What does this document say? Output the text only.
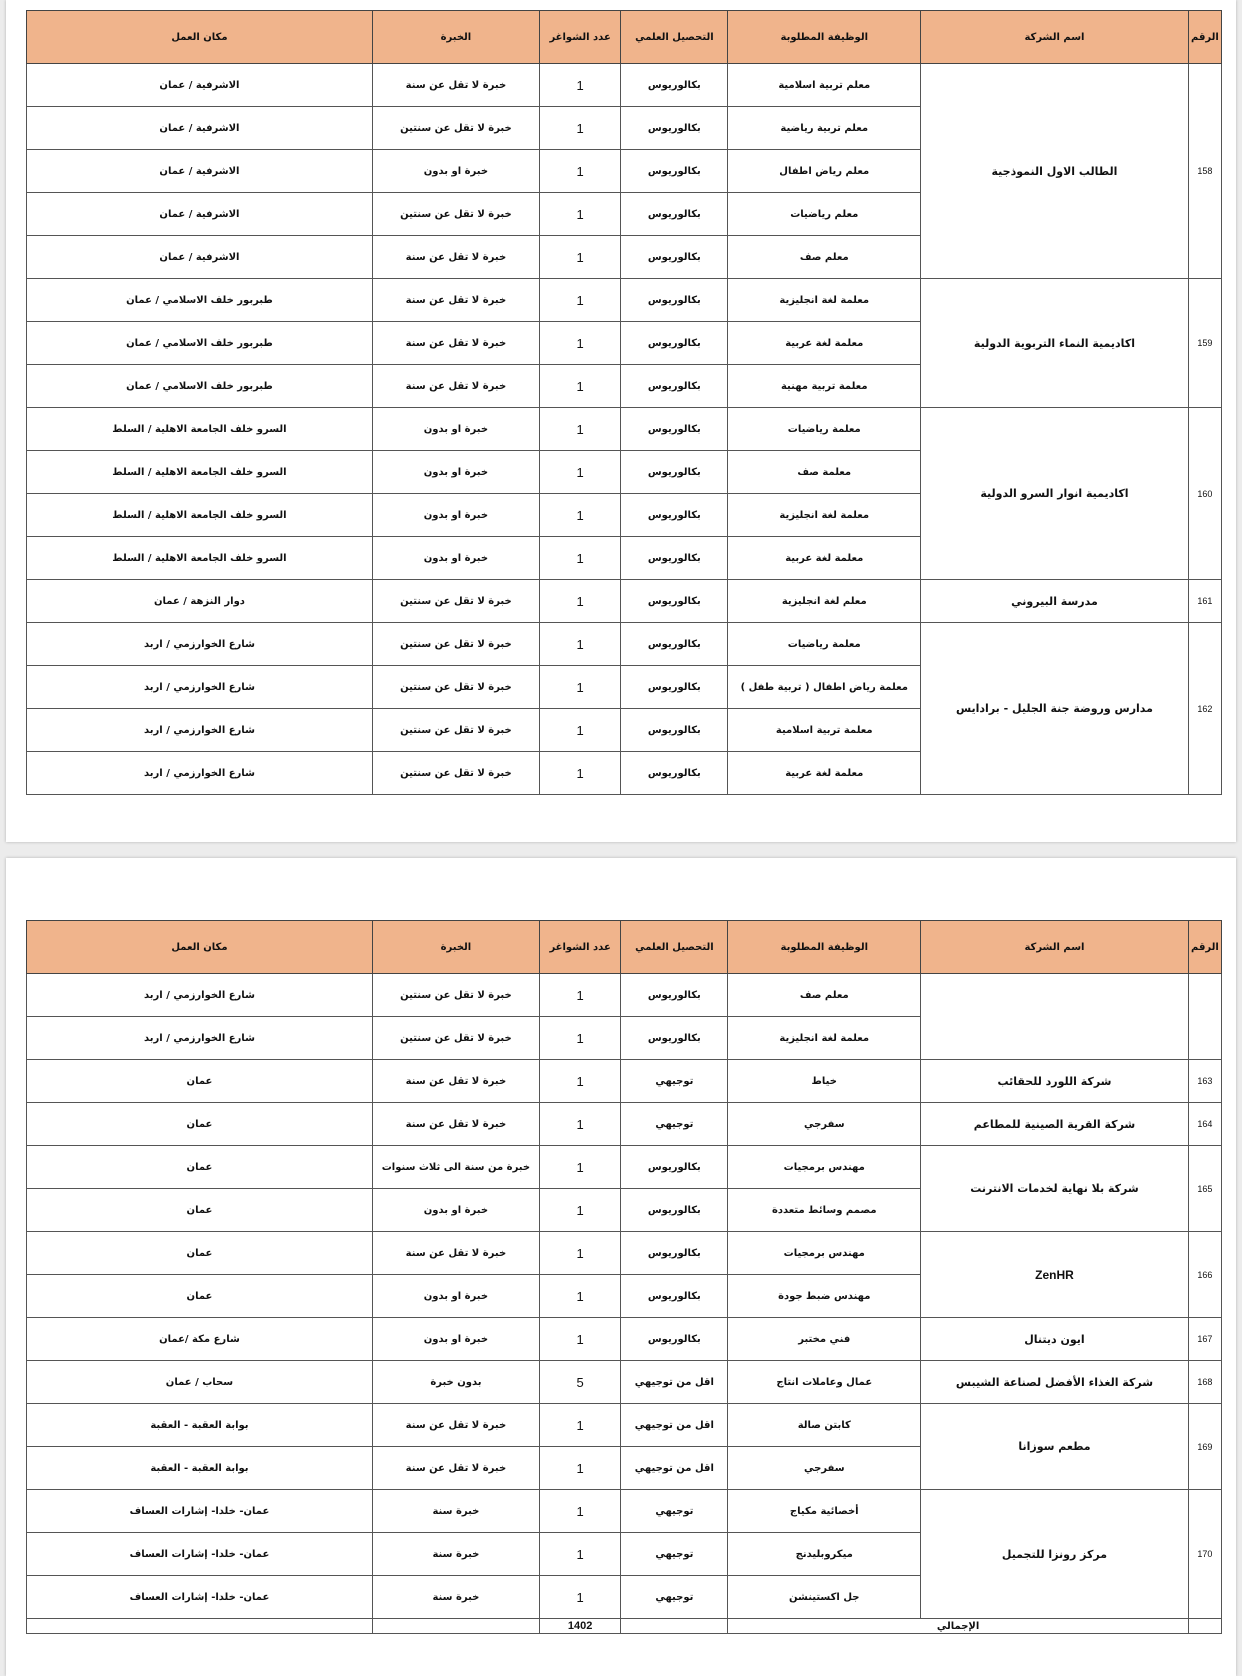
الرقم	اسم الشركة	الوظيفة المطلوبة	التحصيل العلمي	عدد الشواغر	الخبرة	مكان العمل
158	الطالب الاول النموذجية	معلم تربية اسلامية	بكالوريوس	1	خبرة لا تقل عن سنة	الاشرفية / عمان
		معلم تربية رياضية	بكالوريوس	1	خبرة لا تقل عن سنتين	الاشرفية / عمان
		معلم رياض اطفال	بكالوريوس	1	خبرة او بدون	الاشرفية / عمان
		معلم رياضيات	بكالوريوس	1	خبرة لا تقل عن سنتين	الاشرفية / عمان
		معلم صف	بكالوريوس	1	خبرة لا تقل عن سنة	الاشرفية / عمان
159	اكاديمية النماء التربوية الدولية	معلمة لغة انجليزية	بكالوريوس	1	خبرة لا تقل عن سنة	طبربور خلف الاسلامي / عمان
		معلمة لغة عربية	بكالوريوس	1	خبرة لا تقل عن سنة	طبربور خلف الاسلامي / عمان
		معلمة تربية مهنية	بكالوريوس	1	خبرة لا تقل عن سنة	طبربور خلف الاسلامي / عمان
160	اكاديمية انوار السرو الدولية	معلمة رياضيات	بكالوريوس	1	خبرة او بدون	السرو خلف الجامعة الاهلية / السلط
		معلمة صف	بكالوريوس	1	خبرة او بدون	السرو خلف الجامعة الاهلية / السلط
		معلمة لغة انجليزية	بكالوريوس	1	خبرة او بدون	السرو خلف الجامعة الاهلية / السلط
		معلمة لغة عربية	بكالوريوس	1	خبرة او بدون	السرو خلف الجامعة الاهلية / السلط
161	مدرسة البيروني	معلم لغة انجليزية	بكالوريوس	1	خبرة لا تقل عن سنتين	دوار النزهة / عمان
162	مدارس وروضة جنة الجليل - برادايس	معلمة رياضيات	بكالوريوس	1	خبرة لا تقل عن سنتين	شارع الخوارزمي / اربد
		معلمة رياض اطفال ( تربية طفل )	بكالوريوس	1	خبرة لا تقل عن سنتين	شارع الخوارزمي / اربد
		معلمة تربية اسلامية	بكالوريوس	1	خبرة لا تقل عن سنتين	شارع الخوارزمي / اربد
		معلمة لغة عربية	بكالوريوس	1	خبرة لا تقل عن سنتين	شارع الخوارزمي / اربد
الرقم	اسم الشركة	الوظيفة المطلوبة	التحصيل العلمي	عدد الشواغر	الخبرة	مكان العمل
		معلم صف	بكالوريوس	1	خبرة لا تقل عن سنتين	شارع الخوارزمي / اربد
		معلمة لغة انجليزية	بكالوريوس	1	خبرة لا تقل عن سنتين	شارع الخوارزمي / اربد
163	شركة اللورد للحقائب	خياط	توجيهي	1	خبرة لا تقل عن سنة	عمان
164	شركة القرية الصينية للمطاعم	سفرجي	توجيهي	1	خبرة لا تقل عن سنة	عمان
165	شركة بلا نهاية لخدمات الانترنت	مهندس برمجيات	بكالوريوس	1	خبرة من سنة الى ثلاث سنوات	عمان
		مصمم وسائط متعددة	بكالوريوس	1	خبرة او بدون	عمان
166	ZenHR	مهندس برمجيات	بكالوريوس	1	خبرة لا تقل عن سنة	عمان
		مهندس ضبط جودة	بكالوريوس	1	خبرة او بدون	عمان
167	ايون ديتنال	فني مختبر	بكالوريوس	1	خبرة او بدون	شارع مكة /عمان
168	شركة الغذاء الأفضل لصناعة الشيبس	عمال وعاملات انتاج	اقل من توجيهي	5	بدون خبرة	سحاب / عمان
169	مطعم سوزانا	كابتن صالة	اقل من توجيهي	1	خبرة لا تقل عن سنة	بوابة العقبة - العقبة
		سفرجي	اقل من توجيهي	1	خبرة لا تقل عن سنة	بوابة العقبة - العقبة
170	مركز رونزا للتجميل	أخصائية مكياج	توجيهي	1	خبرة سنة	عمان- خلدا- إشارات العساف
		ميكروبليدنج	توجيهي	1	خبرة سنة	عمان- خلدا- إشارات العساف
		جل اكستينشن	توجيهي	1	خبرة سنة	عمان- خلدا- إشارات العساف
	الإجمالي			1402		
